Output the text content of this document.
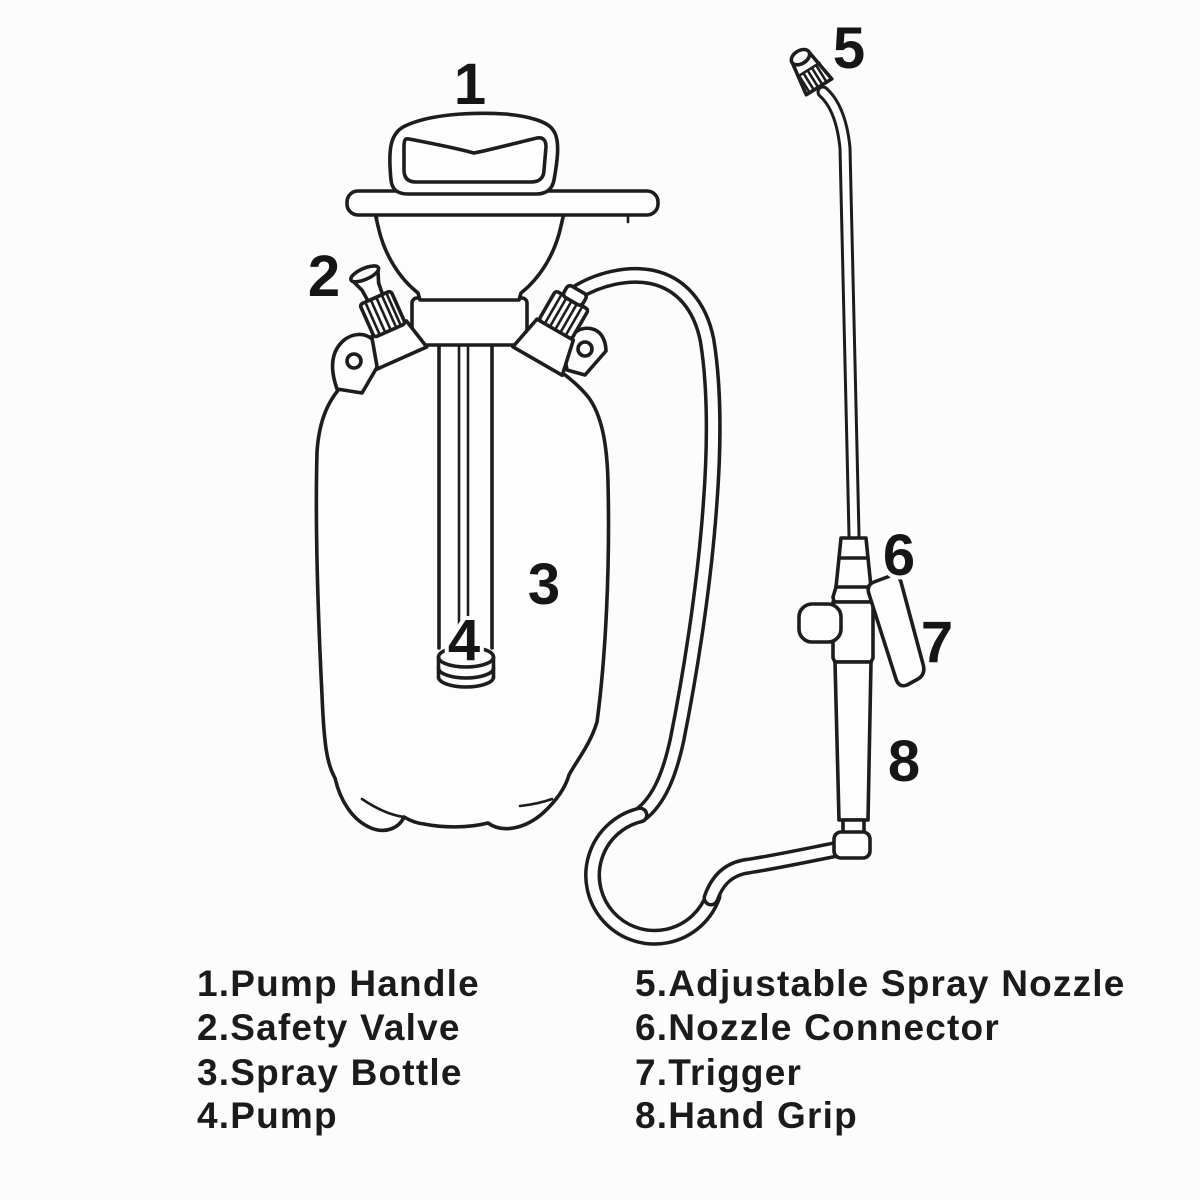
1
2
3
4
5
6
7
8
1.Pump Handle
2.Safety Valve
3.Spray Bottle
4.Pump
5.Adjustable Spray Nozzle
6.Nozzle Connector
7.Trigger
8.Hand Grip
